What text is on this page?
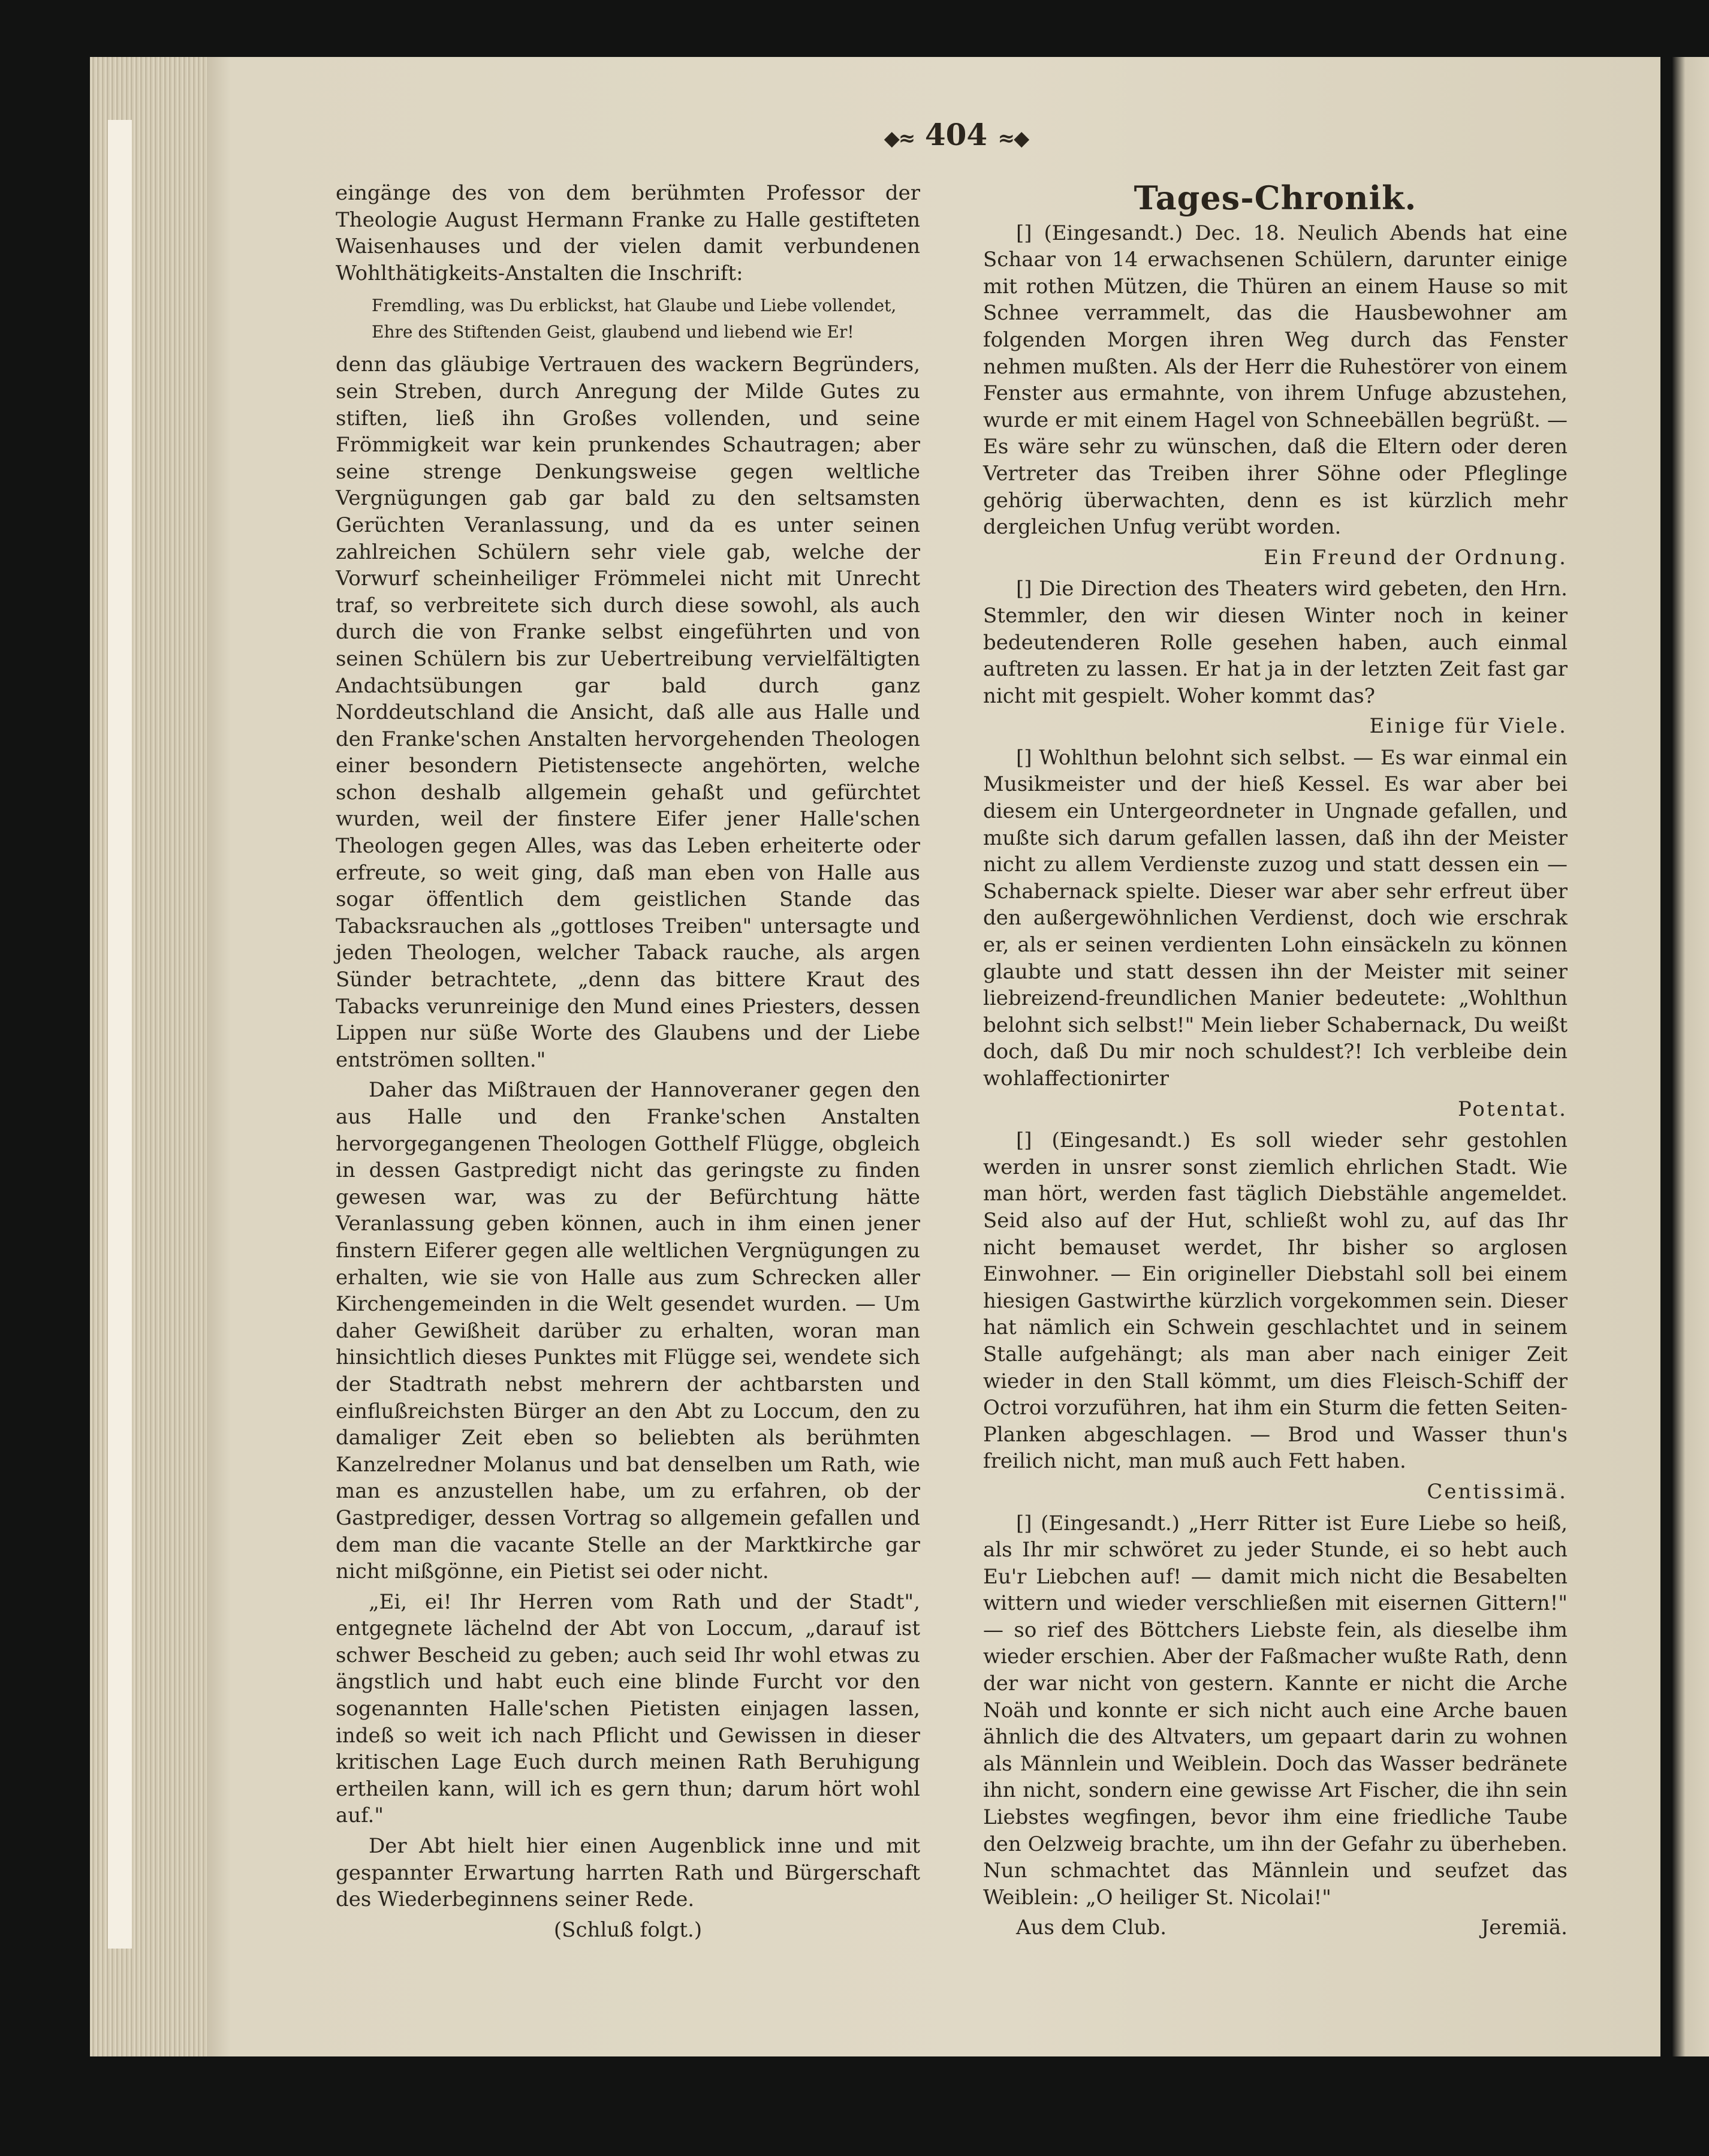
◆≈ 404 ≈◆

eingänge des von dem berühmten Professor der Theologie August Hermann Franke zu Halle gestifteten Waisenhauses und der vielen damit verbundenen Wohlthätigkeits-Anstalten die Inschrift:

Fremdling, was Du erblickst, hat Glaube und Liebe vollendet,
Ehre des Stiftenden Geist, glaubend und liebend wie Er!

denn das gläubige Vertrauen des wackern Begründers, sein Streben, durch Anregung der Milde Gutes zu stiften, ließ ihn Großes vollenden, und seine Frömmigkeit war kein prunkendes Schautragen; aber seine strenge Denkungsweise gegen weltliche Vergnügungen gab gar bald zu den seltsamsten Gerüchten Veranlassung, und da es unter seinen zahlreichen Schülern sehr viele gab, welche der Vorwurf scheinheiliger Frömmelei nicht mit Unrecht traf, so verbreitete sich durch diese sowohl, als auch durch die von Franke selbst eingeführten und von seinen Schülern bis zur Uebertreibung vervielfältigten Andachtsübungen gar bald durch ganz Norddeutschland die Ansicht, daß alle aus Halle und den Franke'schen Anstalten hervorgehenden Theologen einer besondern Pietistensecte angehörten, welche schon deshalb allgemein gehaßt und gefürchtet wurden, weil der finstere Eifer jener Halle'schen Theologen gegen Alles, was das Leben erheiterte oder erfreute, so weit ging, daß man eben von Halle aus sogar öffentlich dem geistlichen Stande das Tabacksrauchen als „gottloses Treiben" untersagte und jeden Theologen, welcher Taback rauche, als argen Sünder betrachtete, „denn das bittere Kraut des Tabacks verunreinige den Mund eines Priesters, dessen Lippen nur süße Worte des Glaubens und der Liebe entströmen sollten."

Daher das Mißtrauen der Hannoveraner gegen den aus Halle und den Franke'schen Anstalten hervorgegangenen Theologen Gotthelf Flügge, obgleich in dessen Gastpredigt nicht das geringste zu finden gewesen war, was zu der Befürchtung hätte Veranlassung geben können, auch in ihm einen jener finstern Eiferer gegen alle weltlichen Vergnügungen zu erhalten, wie sie von Halle aus zum Schrecken aller Kirchengemeinden in die Welt gesendet wurden. — Um daher Gewißheit darüber zu erhalten, woran man hinsichtlich dieses Punktes mit Flügge sei, wendete sich der Stadtrath nebst mehrern der achtbarsten und einflußreichsten Bürger an den Abt zu Loccum, den zu damaliger Zeit eben so beliebten als berühmten Kanzelredner Molanus und bat denselben um Rath, wie man es anzustellen habe, um zu erfahren, ob der Gastprediger, dessen Vortrag so allgemein gefallen und dem man die vacante Stelle an der Marktkirche gar nicht mißgönne, ein Pietist sei oder nicht.

„Ei, ei! Ihr Herren vom Rath und der Stadt", entgegnete lächelnd der Abt von Loccum, „darauf ist schwer Bescheid zu geben; auch seid Ihr wohl etwas zu ängstlich und habt euch eine blinde Furcht vor den sogenannten Halle'schen Pietisten einjagen lassen, indeß so weit ich nach Pflicht und Gewissen in dieser kritischen Lage Euch durch meinen Rath Beruhigung ertheilen kann, will ich es gern thun; darum hört wohl auf."

Der Abt hielt hier einen Augenblick inne und mit gespannter Erwartung harrten Rath und Bürgerschaft des Wiederbeginnens seiner Rede.

(Schluß folgt.)
Tages-Chronik.

[] (Eingesandt.) Dec. 18. Neulich Abends hat eine Schaar von 14 erwachsenen Schülern, darunter einige mit rothen Mützen, die Thüren an einem Hause so mit Schnee verrammelt, das die Hausbewohner am folgenden Morgen ihren Weg durch das Fenster nehmen mußten. Als der Herr die Ruhestörer von einem Fenster aus ermahnte, von ihrem Unfuge abzustehen, wurde er mit einem Hagel von Schneebällen begrüßt. — Es wäre sehr zu wünschen, daß die Eltern oder deren Vertreter das Treiben ihrer Söhne oder Pfleglinge gehörig überwachten, denn es ist kürzlich mehr dergleichen Unfug verübt worden.

Ein Freund der Ordnung.

[] Die Direction des Theaters wird gebeten, den Hrn. Stemmler, den wir diesen Winter noch in keiner bedeutenderen Rolle gesehen haben, auch einmal auftreten zu lassen. Er hat ja in der letzten Zeit fast gar nicht mit gespielt. Woher kommt das?

Einige für Viele.

[] Wohlthun belohnt sich selbst. — Es war einmal ein Musikmeister und der hieß Kessel. Es war aber bei diesem ein Untergeordneter in Ungnade gefallen, und mußte sich darum gefallen lassen, daß ihn der Meister nicht zu allem Verdienste zuzog und statt dessen ein — Schabernack spielte. Dieser war aber sehr erfreut über den außergewöhnlichen Verdienst, doch wie erschrak er, als er seinen verdienten Lohn einsäckeln zu können glaubte und statt dessen ihn der Meister mit seiner liebreizend-freundlichen Manier bedeutete: „Wohlthun belohnt sich selbst!" Mein lieber Schabernack, Du weißt doch, daß Du mir noch schuldest?! Ich verbleibe dein wohlaffectionirter

Potentat.

[] (Eingesandt.) Es soll wieder sehr gestohlen werden in unsrer sonst ziemlich ehrlichen Stadt. Wie man hört, werden fast täglich Diebstähle angemeldet. Seid also auf der Hut, schließt wohl zu, auf das Ihr nicht bemauset werdet, Ihr bisher so arglosen Einwohner. — Ein origineller Diebstahl soll bei einem hiesigen Gastwirthe kürzlich vorgekommen sein. Dieser hat nämlich ein Schwein geschlachtet und in seinem Stalle aufgehängt; als man aber nach einiger Zeit wieder in den Stall kömmt, um dies Fleisch-Schiff der Octroi vorzuführen, hat ihm ein Sturm die fetten Seiten-Planken abgeschlagen. — Brod und Wasser thun's freilich nicht, man muß auch Fett haben.

Centissimä.

[] (Eingesandt.) „Herr Ritter ist Eure Liebe so heiß, als Ihr mir schwöret zu jeder Stunde, ei so hebt auch Eu'r Liebchen auf! — damit mich nicht die Besabelten wittern und wieder verschließen mit eisernen Gittern!" — so rief des Böttchers Liebste fein, als dieselbe ihm wieder erschien. Aber der Faßmacher wußte Rath, denn der war nicht von gestern. Kannte er nicht die Arche Noäh und konnte er sich nicht auch eine Arche bauen ähnlich die des Altvaters, um gepaart darin zu wohnen als Männlein und Weiblein. Doch das Wasser bedränete ihn nicht, sondern eine gewisse Art Fischer, die ihn sein Liebstes wegfingen, bevor ihm eine friedliche Taube den Oelzweig brachte, um ihn der Gefahr zu überheben. Nun schmachtet das Männlein und seufzet das Weiblein: „O heiliger St. Nicolai!"

Aus dem Club.	Jeremiä.
